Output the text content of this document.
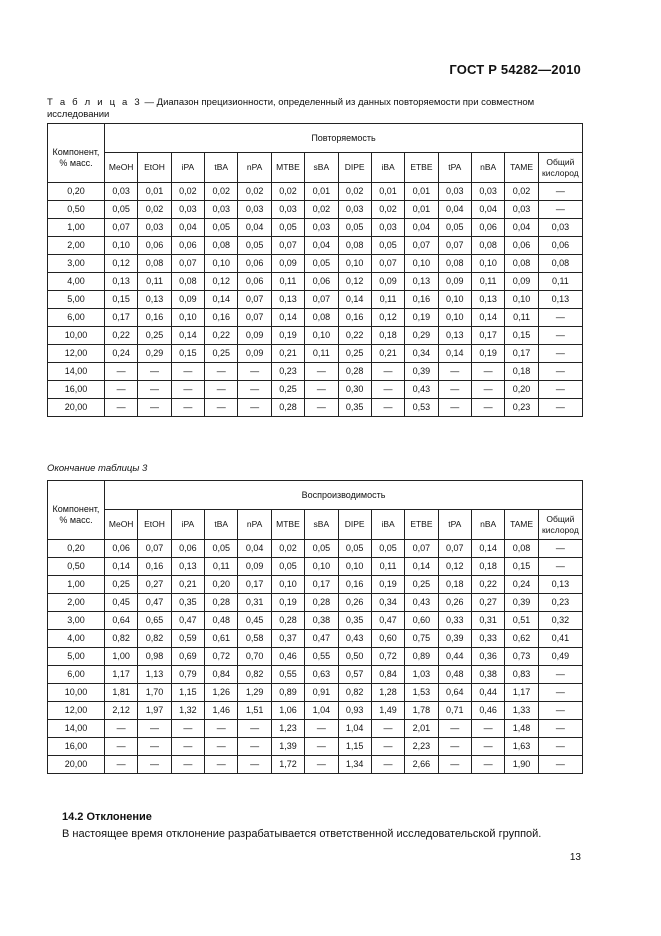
ГОСТ Р 54282—2010
Т а б л и ц а 3 — Диапазон прецизионности, определенный из данных повторяемости при совместном исследовании
Компонент, % масс.	Повторяемость													
	MeOH	EtOH	iPA	tBA	nPA	MTBE	sBA	DIPE	iBA	ETBE	tPA	nBA	TAME	Общий кислород
0,20	0,03	0,01	0,02	0,02	0,02	0,02	0,01	0,02	0,01	0,01	0,03	0,03	0,02	—
0,50	0,05	0,02	0,03	0,03	0,03	0,03	0,02	0,03	0,02	0,01	0,04	0,04	0,03	—
1,00	0,07	0,03	0,04	0,05	0,04	0,05	0,03	0,05	0,03	0,04	0,05	0,06	0,04	0,03
2,00	0,10	0,06	0,06	0,08	0,05	0,07	0,04	0,08	0,05	0,07	0,07	0,08	0,06	0,06
3,00	0,12	0,08	0,07	0,10	0,06	0,09	0,05	0,10	0,07	0,10	0,08	0,10	0,08	0,08
4,00	0,13	0,11	0,08	0,12	0,06	0,11	0,06	0,12	0,09	0,13	0,09	0,11	0,09	0,11
5,00	0,15	0,13	0,09	0,14	0,07	0,13	0,07	0,14	0,11	0,16	0,10	0,13	0,10	0,13
6,00	0,17	0,16	0,10	0,16	0,07	0,14	0,08	0,16	0,12	0,19	0,10	0,14	0,11	—
10,00	0,22	0,25	0,14	0,22	0,09	0,19	0,10	0,22	0,18	0,29	0,13	0,17	0,15	—
12,00	0,24	0,29	0,15	0,25	0,09	0,21	0,11	0,25	0,21	0,34	0,14	0,19	0,17	—
14,00	—	—	—	—	—	0,23	—	0,28	—	0,39	—	—	0,18	—
16,00	—	—	—	—	—	0,25	—	0,30	—	0,43	—	—	0,20	—
20,00	—	—	—	—	—	0,28	—	0,35	—	0,53	—	—	0,23	—
Окончание таблицы 3
Компонент, % масс.	Воспроизводимость													
	MeOH	EtOH	iPA	tBA	nPA	MTBE	sBA	DIPE	iBA	ETBE	tPA	nBA	TAME	Общий кислород
0,20	0,06	0,07	0,06	0,05	0,04	0,02	0,05	0,05	0,05	0,07	0,07	0,14	0,08	—
0,50	0,14	0,16	0,13	0,11	0,09	0,05	0,10	0,10	0,11	0,14	0,12	0,18	0,15	—
1,00	0,25	0,27	0,21	0,20	0,17	0,10	0,17	0,16	0,19	0,25	0,18	0,22	0,24	0,13
2,00	0,45	0,47	0,35	0,28	0,31	0,19	0,28	0,26	0,34	0,43	0,26	0,27	0,39	0,23
3,00	0,64	0,65	0,47	0,48	0,45	0,28	0,38	0,35	0,47	0,60	0,33	0,31	0,51	0,32
4,00	0,82	0,82	0,59	0,61	0,58	0,37	0,47	0,43	0,60	0,75	0,39	0,33	0,62	0,41
5,00	1,00	0,98	0,69	0,72	0,70	0,46	0,55	0,50	0,72	0,89	0,44	0,36	0,73	0,49
6,00	1,17	1,13	0,79	0,84	0,82	0,55	0,63	0,57	0,84	1,03	0,48	0,38	0,83	—
10,00	1,81	1,70	1,15	1,26	1,29	0,89	0,91	0,82	1,28	1,53	0,64	0,44	1,17	—
12,00	2,12	1,97	1,32	1,46	1,51	1,06	1,04	0,93	1,49	1,78	0,71	0,46	1,33	—
14,00	—	—	—	—	—	1,23	—	1,04	—	2,01	—	—	1,48	—
16,00	—	—	—	—	—	1,39	—	1,15	—	2,23	—	—	1,63	—
20,00	—	—	—	—	—	1,72	—	1,34	—	2,66	—	—	1,90	—
14.2 Отклонение
В настоящее время отклонение разрабатывается ответственной исследовательской группой.
13
